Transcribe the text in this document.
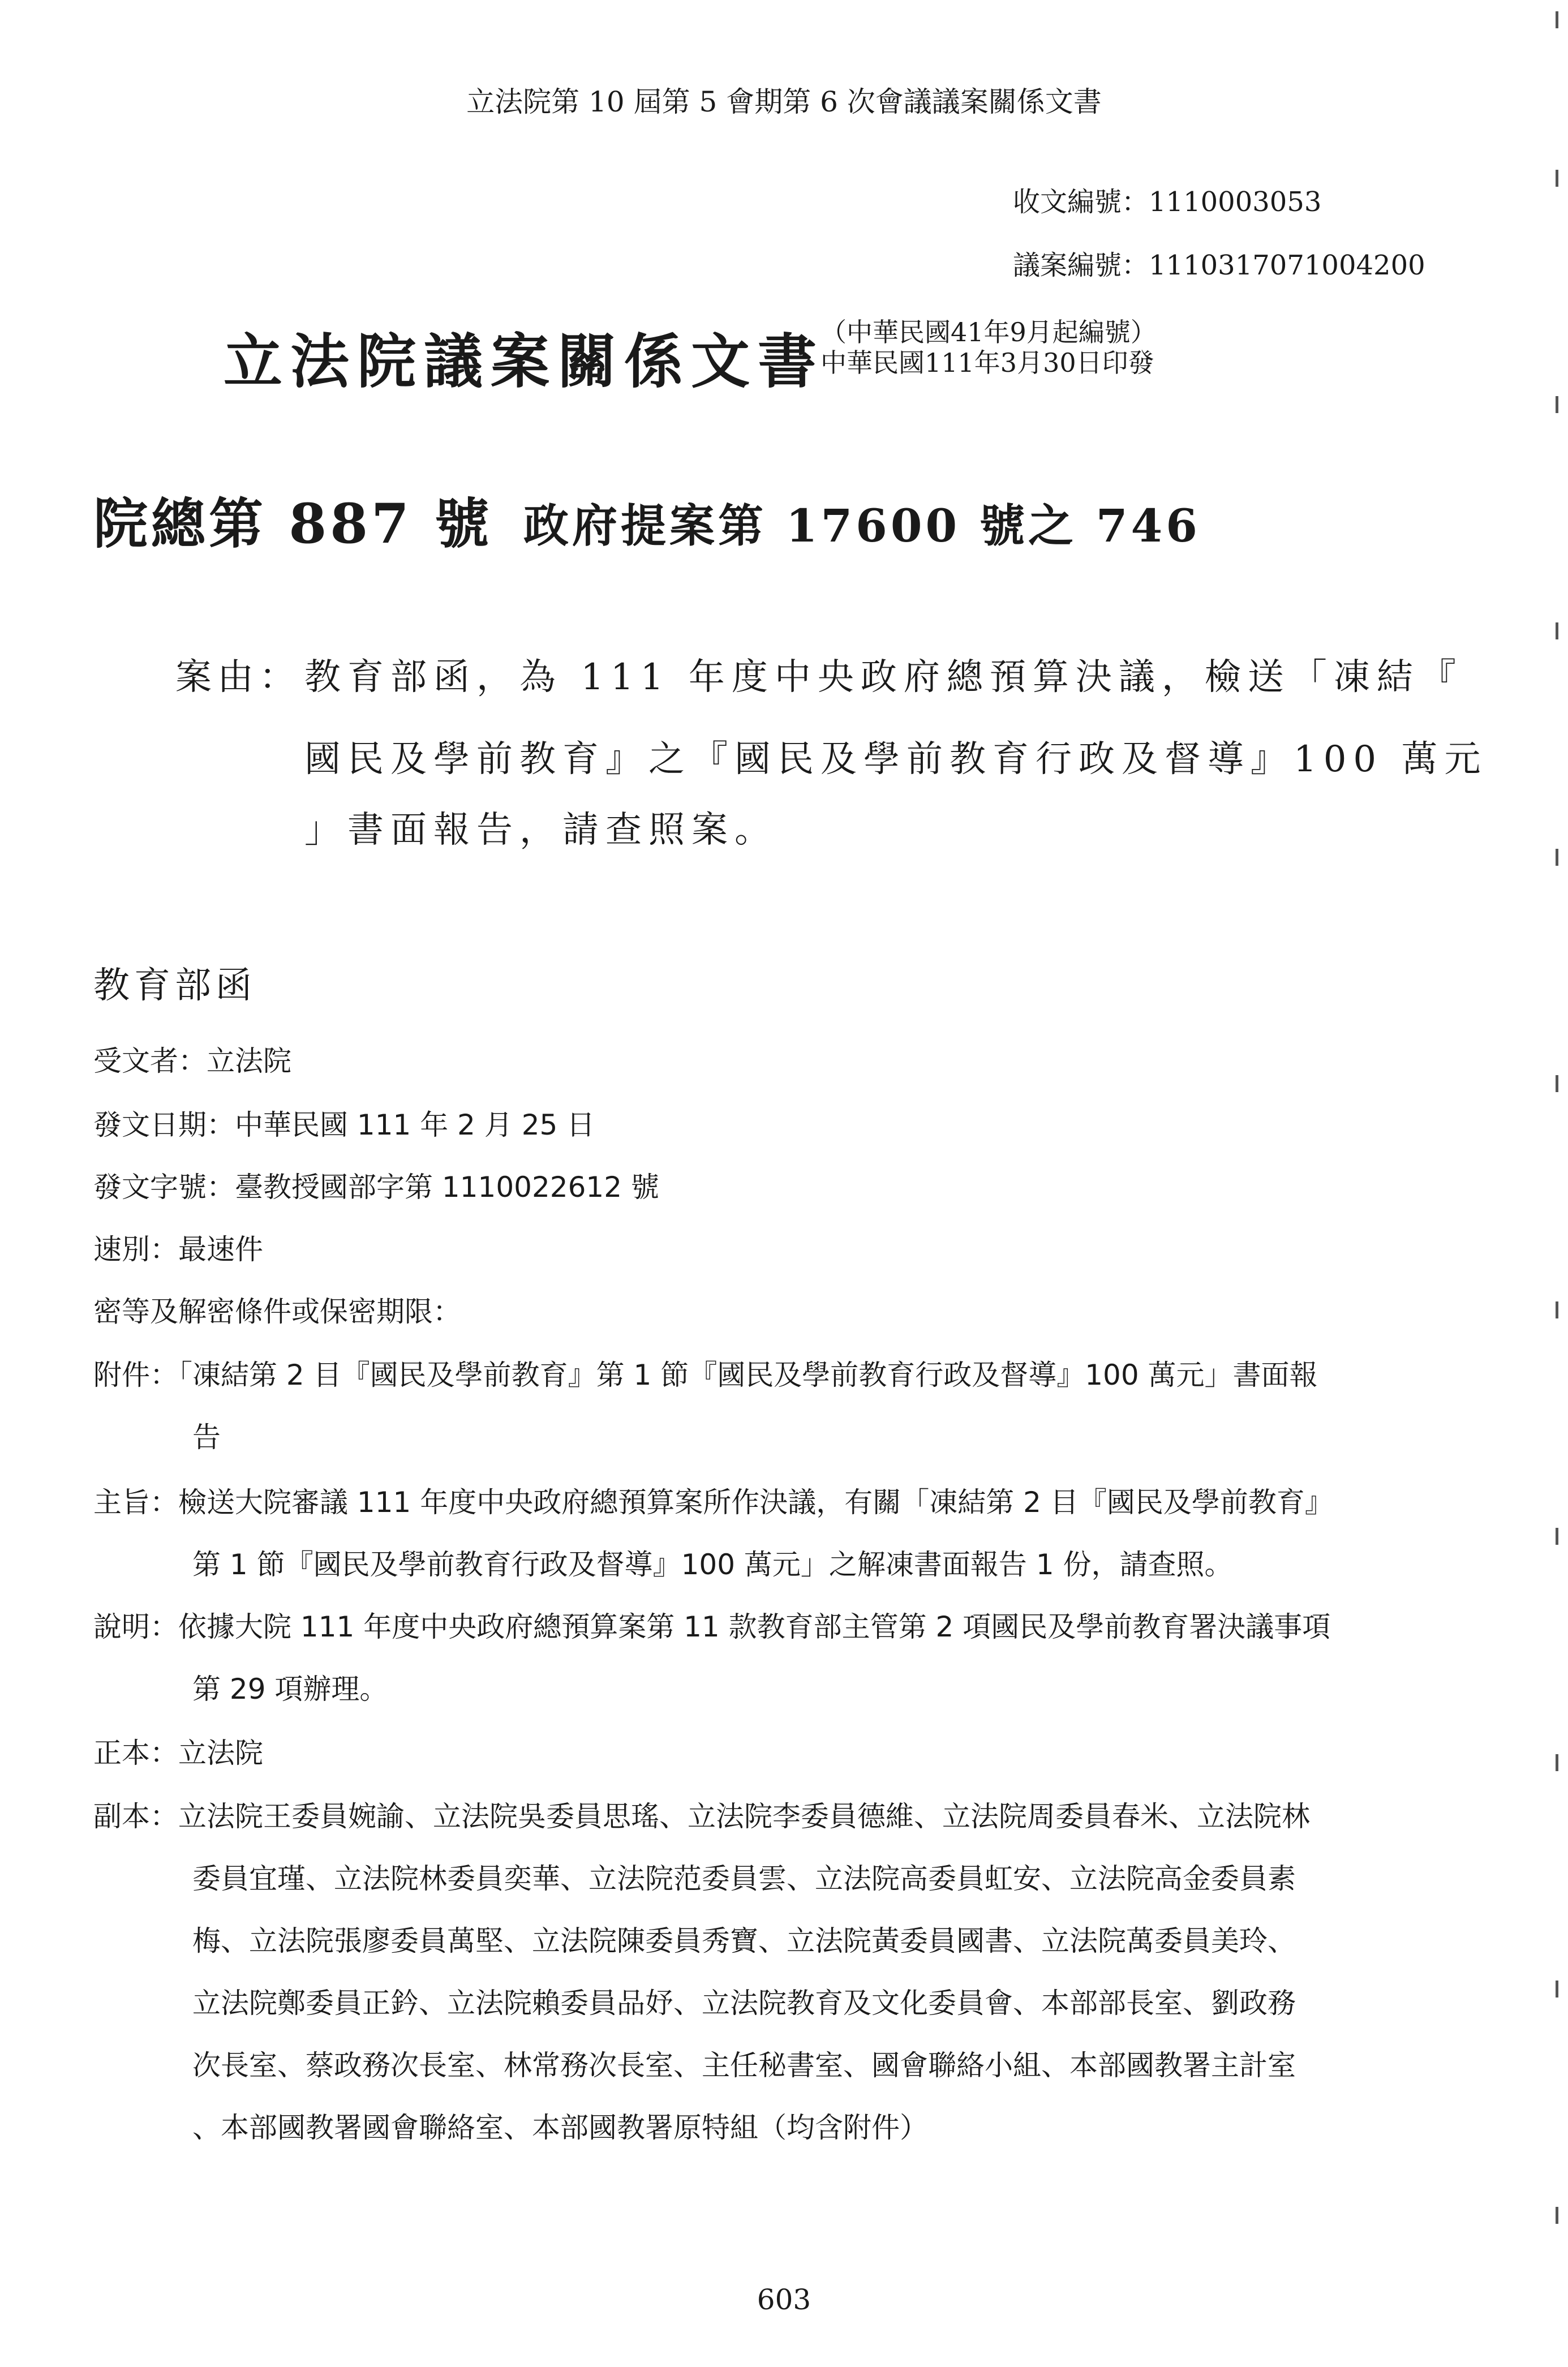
立法院第 10 屆第 5 會期第 6 次會議議案關係文書
收文編號：1110003053
議案編號：1110317071004200
立法院議案關係文書
（中華民國41年9月起編號）
中華民國111年3月30日印發
院總第 887 號 政府提案第 17600 號之 746
案由： 教育部函，為 111 年度中央政府總預算決議，檢送「凍結『
國民及學前教育』之『國民及學前教育行政及督導』100 萬元
」書面報告，請查照案。
教育部函
受文者：立法院
發文日期：中華民國 111 年 2 月 25 日
發文字號：臺教授國部字第 1110022612 號
速別：最速件
密等及解密條件或保密期限：
附件：「凍結第 2 目『國民及學前教育』第 1 節『國民及學前教育行政及督導』100 萬元」書面報
告
主旨：檢送大院審議 111 年度中央政府總預算案所作決議，有關「凍結第 2 目『國民及學前教育』
第 1 節『國民及學前教育行政及督導』100 萬元」之解凍書面報告 1 份，請查照。
說明：依據大院 111 年度中央政府總預算案第 11 款教育部主管第 2 項國民及學前教育署決議事項
第 29 項辦理。
正本：立法院
副本：立法院王委員婉諭、立法院吳委員思瑤、立法院李委員德維、立法院周委員春米、立法院林
委員宜瑾、立法院林委員奕華、立法院范委員雲、立法院高委員虹安、立法院高金委員素
梅、立法院張廖委員萬堅、立法院陳委員秀寶、立法院黃委員國書、立法院萬委員美玲、
立法院鄭委員正鈐、立法院賴委員品妤、立法院教育及文化委員會、本部部長室、劉政務
次長室、蔡政務次長室、林常務次長室、主任秘書室、國會聯絡小組、本部國教署主計室
、本部國教署國會聯絡室、本部國教署原特組（均含附件）
603
